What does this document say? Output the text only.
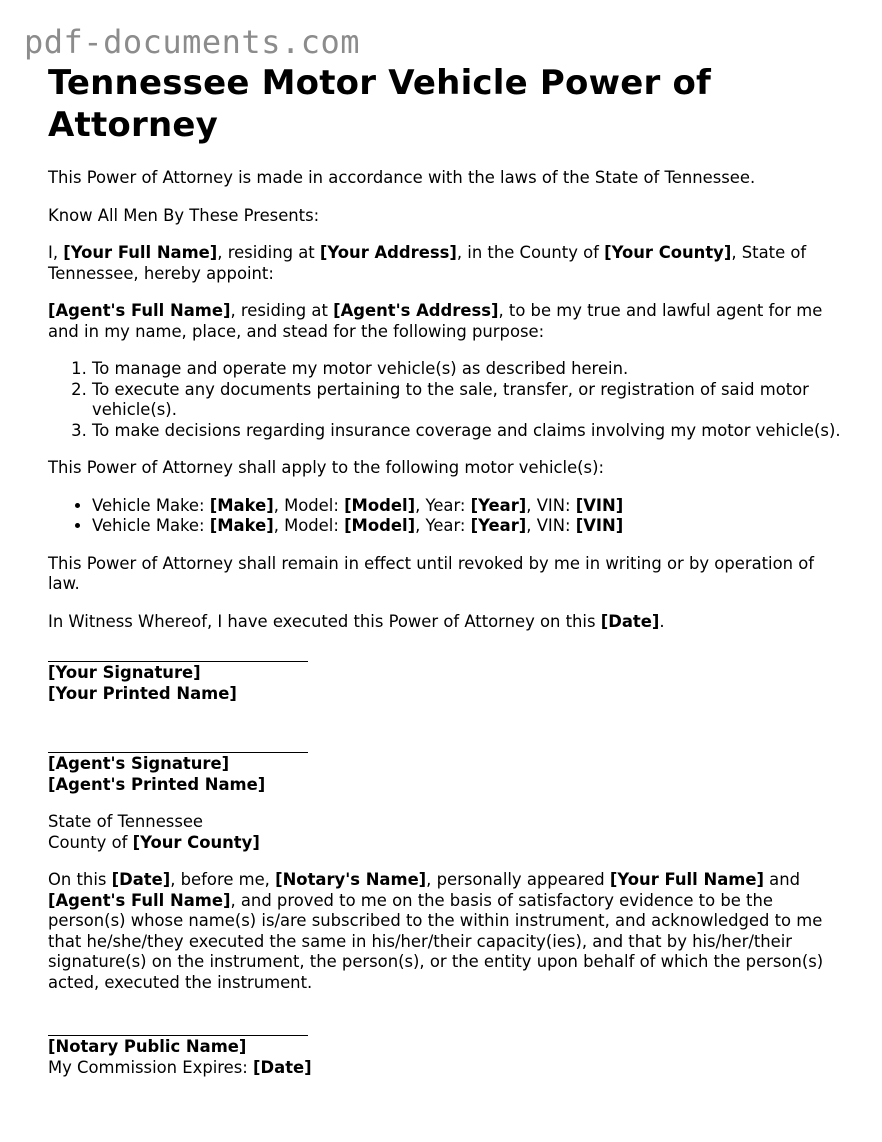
pdf-documents.com
Tennessee Motor Vehicle Power of Attorney

This Power of Attorney is made in accordance with the laws of the State of Tennessee.

Know All Men By These Presents:

I, [Your Full Name], residing at [Your Address], in the County of [Your County], State of Tennessee, hereby appoint:

[Agent's Full Name], residing at [Agent's Address], to be my true and lawful agent for me and in my name, place, and stead for the following purpose:

1. To manage and operate my motor vehicle(s) as described herein.
2. To execute any documents pertaining to the sale, transfer, or registration of said motor vehicle(s).
3. To make decisions regarding insurance coverage and claims involving my motor vehicle(s).

This Power of Attorney shall apply to the following motor vehicle(s):

• Vehicle Make: [Make], Model: [Model], Year: [Year], VIN: [VIN]
• Vehicle Make: [Make], Model: [Model], Year: [Year], VIN: [VIN]

This Power of Attorney shall remain in effect until revoked by me in writing or by operation of law.

In Witness Whereof, I have executed this Power of Attorney on this [Date].

[Your Signature]
[Your Printed Name]
[Agent's Signature]
[Agent's Printed Name]

State of Tennessee
County of [Your County]

On this [Date], before me, [Notary's Name], personally appeared [Your Full Name] and [Agent's Full Name], and proved to me on the basis of satisfactory evidence to be the person(s) whose name(s) is/are subscribed to the within instrument, and acknowledged to me that he/she/they executed the same in his/her/their capacity(ies), and that by his/her/their signature(s) on the instrument, the person(s), or the entity upon behalf of which the person(s) acted, executed the instrument.

[Notary Public Name]
My Commission Expires: [Date]
